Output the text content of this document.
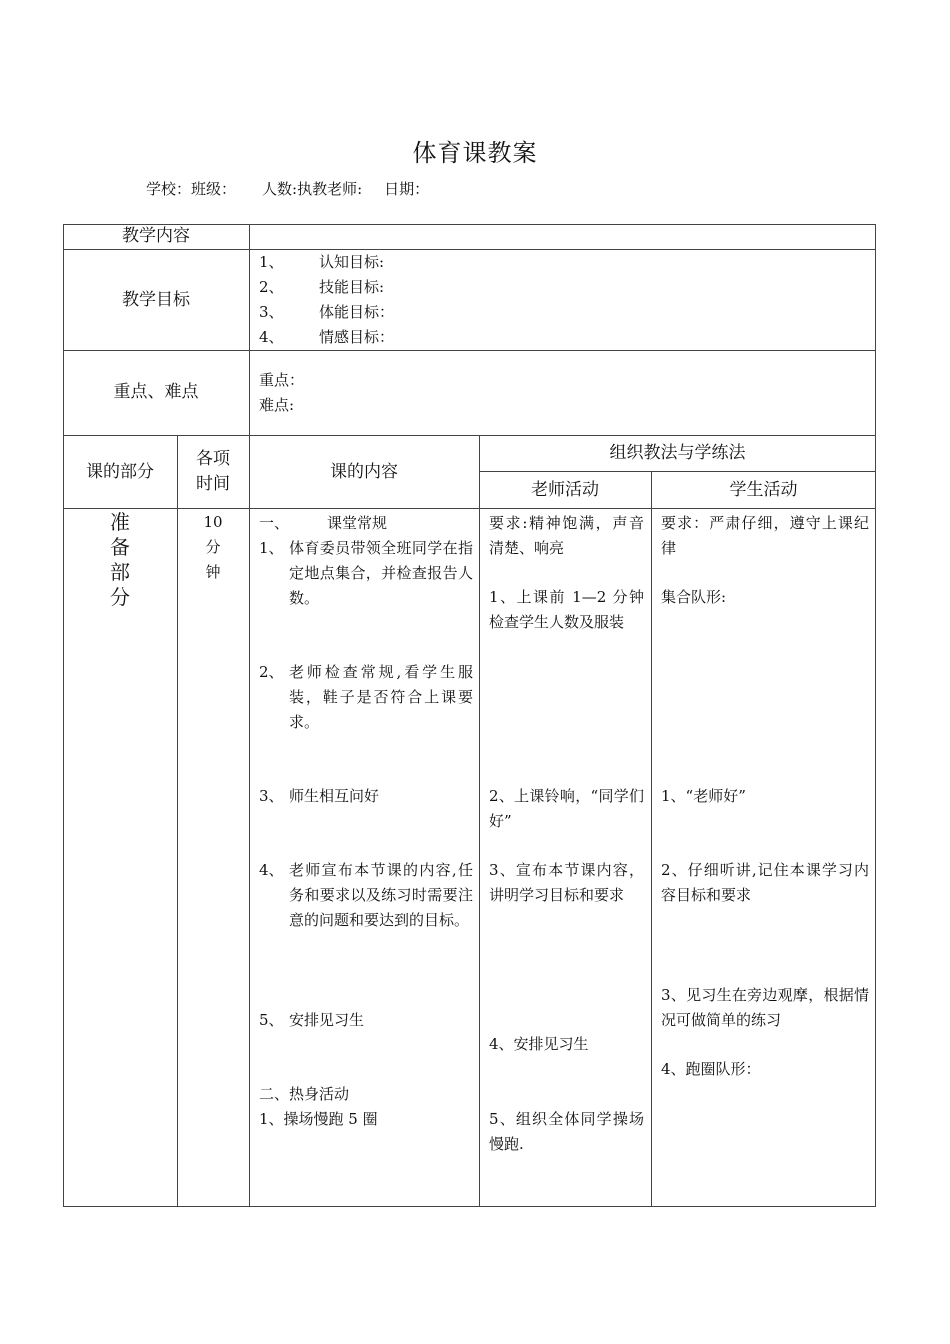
体育课教案
学校：班级： 人数:执教老师: 日期：
教学内容
教学目标
1、 认知目标:
2、 技能目标:
3、 体能目标：
4、 情感目标：
重点、难点
重点：
难点:
课的部分
各项
时间
课的内容
组织教法与学练法
老师活动	学生活动
准
备
部
分
10
分
钟
一、	课堂常规
1、 体育委员带领全班同学在指定地点集合，并检查报告人数。
2、 老师检查常规,看学生服装，鞋子是否符合上课要求。
3、 师生相互问好
4、 老师宣布本节课的内容,任务和要求以及练习时需要注意的问题和要达到的目标。
5、 安排见习生
二、热身活动
1、操场慢跑 5 圈
要求:精神饱满，声音清楚、响亮
1、上课前 1—2 分钟检查学生人数及服装
2、上课铃响，“同学们好”
3、宣布本节课内容，讲明学习目标和要求
4、安排见习生
5、组织全体同学操场慢跑.
要求：严肃仔细，遵守上课纪律
集合队形:
1、“老师好”
2、仔细听讲,记住本课学习内容目标和要求
3、见习生在旁边观摩，根据情况可做简单的练习
4、跑圈队形：
